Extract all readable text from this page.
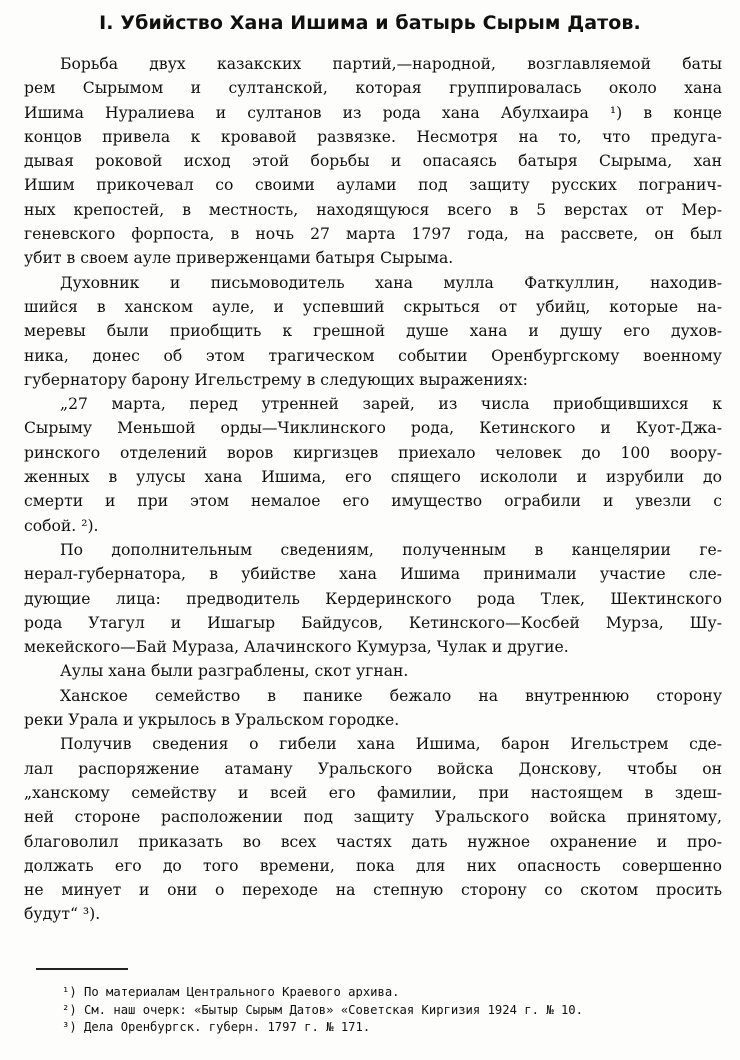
I. Убийство Хана Ишима и батырь Сырым Датов.
Борьба двух казакских партий,—народной, возглавляемой баты
рем Сырымом и султанской, которая группировалась около хана
Ишима Нуралиева и султанов из рода хана Абулхаира ¹) в конце
концов привела к кровавой развязке. Несмотря на то, что предуга-
дывая роковой исход этой борьбы и опасаясь батыря Сырыма, хан
Ишим прикочевал со своими аулами под защиту русских погранич-
ных крепостей, в местность, находящуюся всего в 5 верстах от Мер-
геневского форпоста, в ночь 27 марта 1797 года, на рассвете, он был
убит в своем ауле приверженцами батыря Сырыма.
Духовник и письмоводитель хана мулла Фаткуллин, находив-
шийся в ханском ауле, и успевший скрыться от убийц, которые на-
меревы были приобщить к грешной душе хана и душу его духов-
ника, донес об этом трагическом событии Оренбургскому военному
губернатору барону Игельстрему в следующих выражениях:
„27 марта, перед утренней зарей, из числа приобщившихся к
Сырыму Меньшой орды—Чиклинского рода, Кетинского и Куот-Джа-
ринского отделений воров киргизцев приехало человек до 100 воору-
женных в улусы хана Ишима, его спящего искололи и изрубили до
смерти и при этом немалое его имущество ограбили и увезли с
собой. ²).
По дополнительным сведениям, полученным в канцелярии ге-
нерал-губернатора, в убийстве хана Ишима принимали участие сле-
дующие лица: предводитель Кердеринского рода Тлек, Шектинского
рода Утагул и Ишагыр Байдусов, Кетинского—Косбей Мурза, Шу-
мекейского—Бай Мураза, Алачинского Кумурза, Чулак и другие.
Аулы хана были разграблены, скот угнан.
Ханское семейство в панике бежало на внутреннюю сторону
реки Урала и укрылось в Уральском городке.
Получив сведения о гибели хана Ишима, барон Игельстрем сде-
лал распоряжение атаману Уральского войска Донскову, чтобы он
„ханскому семейству и всей его фамилии, при настоящем в здеш-
ней стороне расположении под защиту Уральского войска принятому,
благоволил приказать во всех частях дать нужное охранение и про-
должать его до того времени, пока для них опасность совершенно
не минует и они о переходе на степную сторону со скотом просить
будут“ ³).
¹) По материалам Центрального Краевого архива.
²) См. наш очерк: «Бытыр Сырым Датов» «Советская Киргизия 1924 г. № 10.
³) Дела Оренбургск. губерн. 1797 г. № 171.
